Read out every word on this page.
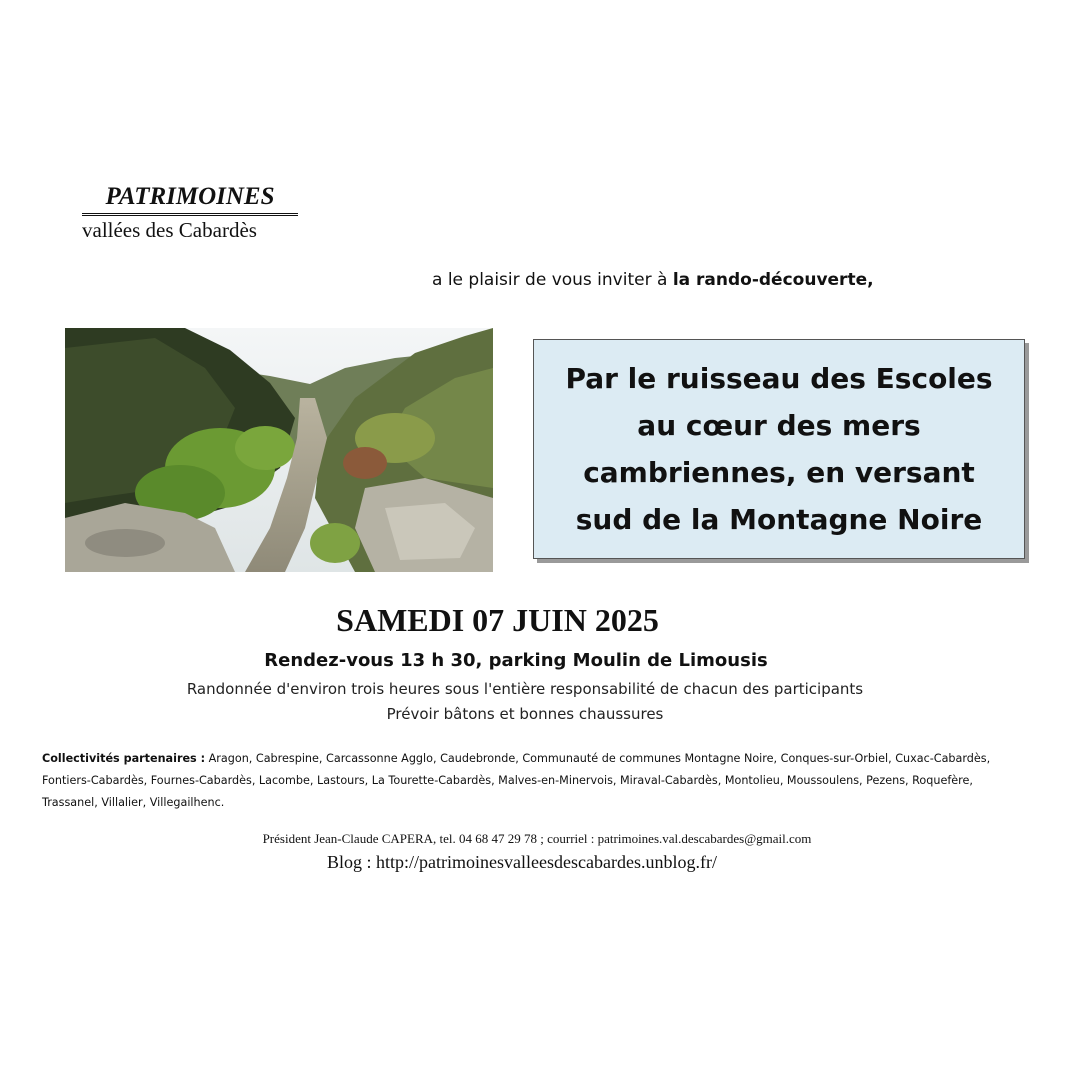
PATRIMOINES
vallées des Cabardès
a le plaisir de vous inviter à la rando-découverte,
Par le ruisseau des Escoles
au cœur des mers
cambriennes, en versant
sud de la Montagne Noire
SAMEDI 07 JUIN 2025
Rendez-vous 13 h 30, parking Moulin de Limousis
Randonnée d'environ trois heures sous l'entière responsabilité de chacun des participants
Prévoir bâtons et bonnes chaussures
Collectivités partenaires : Aragon, Cabrespine, Carcassonne Agglo, Caudebronde, Communauté de communes Montagne Noire, Conques-sur-Orbiel, Cuxac-Cabardès, Fontiers-Cabardès, Fournes-Cabardès, Lacombe, Lastours, La Tourette-Cabardès, Malves-en-Minervois, Miraval-Cabardès, Montolieu, Moussoulens, Pezens, Roquefère, Trassanel, Villalier, Villegailhenc.
Président Jean-Claude CAPERA, tel. 04 68 47 29 78 ; courriel : patrimoines.val.descabardes@gmail.com
Blog : http://patrimoinesvalleesdescabardes.unblog.fr/
